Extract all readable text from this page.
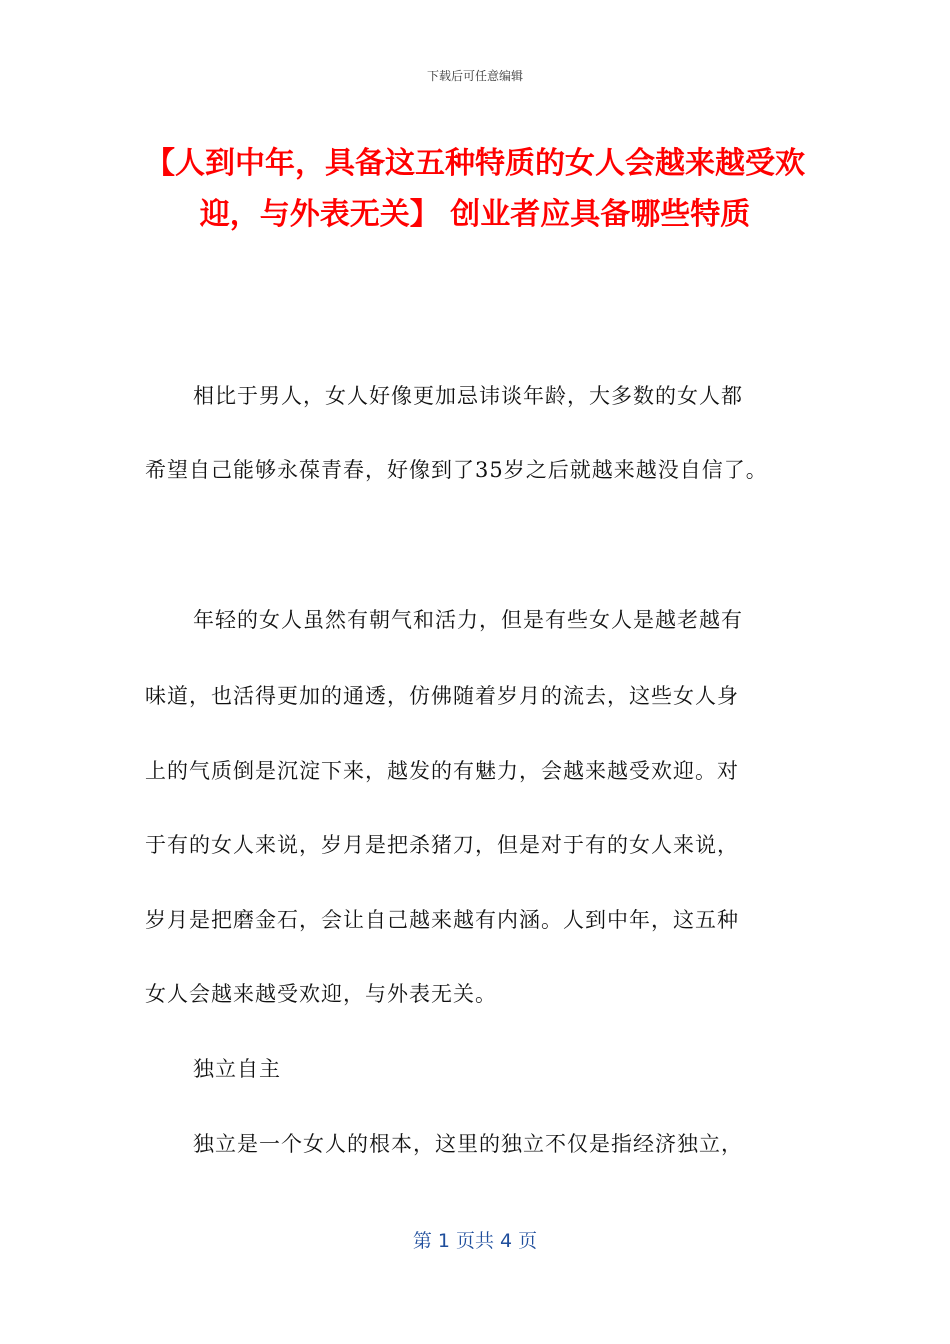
下载后可任意编辑
【人到中年，具备这五种特质的女人会越来越受欢迎，与外表无关】 创业者应具备哪些特质
相比于男人，女人好像更加忌讳谈年龄，大多数的女人都
希望自己能够永葆青春，好像到了35岁之后就越来越没自信了。
年轻的女人虽然有朝气和活力，但是有些女人是越老越有
味道，也活得更加的通透，仿佛随着岁月的流去，这些女人身
上的气质倒是沉淀下来，越发的有魅力，会越来越受欢迎。对
于有的女人来说，岁月是把杀猪刀，但是对于有的女人来说，
岁月是把磨金石，会让自己越来越有内涵。人到中年，这五种
女人会越来越受欢迎，与外表无关。
独立自主
独立是一个女人的根本，这里的独立不仅是指经济独立，
第 1 页共 4 页
